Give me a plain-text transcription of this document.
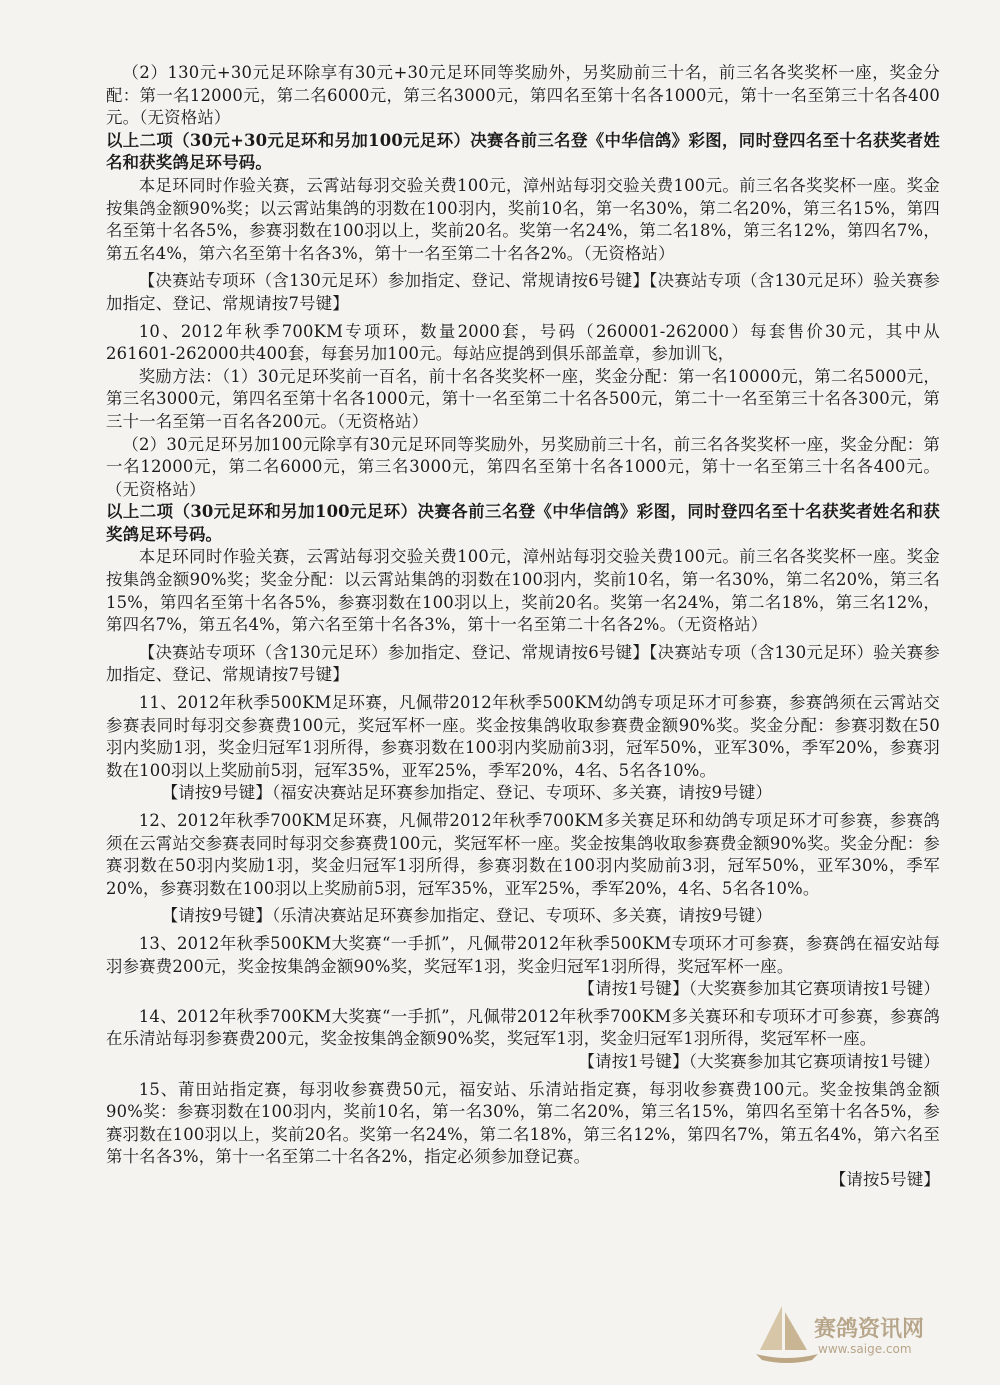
（2）130元+30元足环除享有30元+30元足环同等奖励外，另奖励前三十名，前三名各奖奖杯一座，奖金分配：第一名12000元，第二名6000元，第三名3000元，第四名至第十名各1000元，第十一名至第三十名各400元。（无资格站）

以上二项（30元+30元足环和另加100元足环）决赛各前三名登《中华信鸽》彩图，同时登四名至十名获奖者姓名和获奖鸽足环号码。

本足环同时作验关赛，云霄站每羽交验关费100元，漳州站每羽交验关费100元。前三名各奖奖杯一座。奖金按集鸽金额90%奖；以云霄站集鸽的羽数在100羽内，奖前10名，第一名30%，第二名20%，第三名15%，第四名至第十名各5%，参赛羽数在100羽以上，奖前20名。奖第一名24%，第二名18%，第三名12%，第四名7%，第五名4%，第六名至第十名各3%，第十一名至第二十名各2%。（无资格站）

【决赛站专项环（含130元足环）参加指定、登记、常规请按6号键】【决赛站专项（含130元足环）验关赛参加指定、登记、常规请按7号键】

10、2012年秋季700KM专项环，数量2000套，号码（260001-262000）每套售价30元，其中从261601-262000共400套，每套另加100元。每站应提鸽到俱乐部盖章，参加训飞，

奖励方法：（1）30元足环奖前一百名，前十名各奖奖杯一座，奖金分配：第一名10000元，第二名5000元，第三名3000元，第四名至第十名各1000元，第十一名至第二十名各500元，第二十一名至第三十名各300元，第三十一名至第一百名各200元。（无资格站）

（2）30元足环另加100元除享有30元足环同等奖励外，另奖励前三十名，前三名各奖奖杯一座，奖金分配：第一名12000元，第二名6000元，第三名3000元，第四名至第十名各1000元，第十一名至第三十名各400元。（无资格站）

以上二项（30元足环和另加100元足环）决赛各前三名登《中华信鸽》彩图，同时登四名至十名获奖者姓名和获奖鸽足环号码。

本足环同时作验关赛，云霄站每羽交验关费100元，漳州站每羽交验关费100元。前三名各奖奖杯一座。奖金按集鸽金额90%奖；奖金分配：以云霄站集鸽的羽数在100羽内，奖前10名，第一名30%，第二名20%，第三名15%，第四名至第十名各5%，参赛羽数在100羽以上，奖前20名。奖第一名24%，第二名18%，第三名12%，第四名7%，第五名4%，第六名至第十名各3%，第十一名至第二十名各2%。（无资格站）

【决赛站专项环（含130元足环）参加指定、登记、常规请按6号键】【决赛站专项（含130元足环）验关赛参加指定、登记、常规请按7号键】

11、2012年秋季500KM足环赛，凡佩带2012年秋季500KM幼鸽专项足环才可参赛，参赛鸽须在云霄站交参赛表同时每羽交参赛费100元，奖冠军杯一座。奖金按集鸽收取参赛费金额90%奖。奖金分配：参赛羽数在50羽内奖励1羽，奖金归冠军1羽所得，参赛羽数在100羽内奖励前3羽，冠军50%，亚军30%，季军20%，参赛羽数在100羽以上奖励前5羽，冠军35%，亚军25%，季军20%，4名、5名各10%。

【请按9号键】（福安决赛站足环赛参加指定、登记、专项环、多关赛，请按9号键）

12、2012年秋季700KM足环赛，凡佩带2012年秋季700KM多关赛足环和幼鸽专项足环才可参赛，参赛鸽须在云霄站交参赛表同时每羽交参赛费100元，奖冠军杯一座。奖金按集鸽收取参赛费金额90%奖。奖金分配：参赛羽数在50羽内奖励1羽，奖金归冠军1羽所得，参赛羽数在100羽内奖励前3羽，冠军50%，亚军30%，季军20%，参赛羽数在100羽以上奖励前5羽，冠军35%，亚军25%，季军20%，4名、5名各10%。

【请按9号键】（乐清决赛站足环赛参加指定、登记、专项环、多关赛，请按9号键）

13、2012年秋季500KM大奖赛“一手抓”，凡佩带2012年秋季500KM专项环才可参赛，参赛鸽在福安站每羽参赛费200元，奖金按集鸽金额90%奖，奖冠军1羽，奖金归冠军1羽所得，奖冠军杯一座。

【请按1号键】（大奖赛参加其它赛项请按1号键）

14、2012年秋季700KM大奖赛“一手抓”，凡佩带2012年秋季700KM多关赛环和专项环才可参赛，参赛鸽在乐清站每羽参赛费200元，奖金按集鸽金额90%奖，奖冠军1羽，奖金归冠军1羽所得，奖冠军杯一座。

【请按1号键】（大奖赛参加其它赛项请按1号键）

15、莆田站指定赛，每羽收参赛费50元，福安站、乐清站指定赛，每羽收参赛费100元。奖金按集鸽金额90%奖：参赛羽数在100羽内，奖前10名，第一名30%，第二名20%，第三名15%，第四名至第十名各5%，参赛羽数在100羽以上，奖前20名。奖第一名24%，第二名18%，第三名12%，第四名7%，第五名4%，第六名至第十名各3%，第十一名至第二十名各2%，指定必须参加登记赛。

【请按5号键】

赛鸽资讯网
www.saige.com
